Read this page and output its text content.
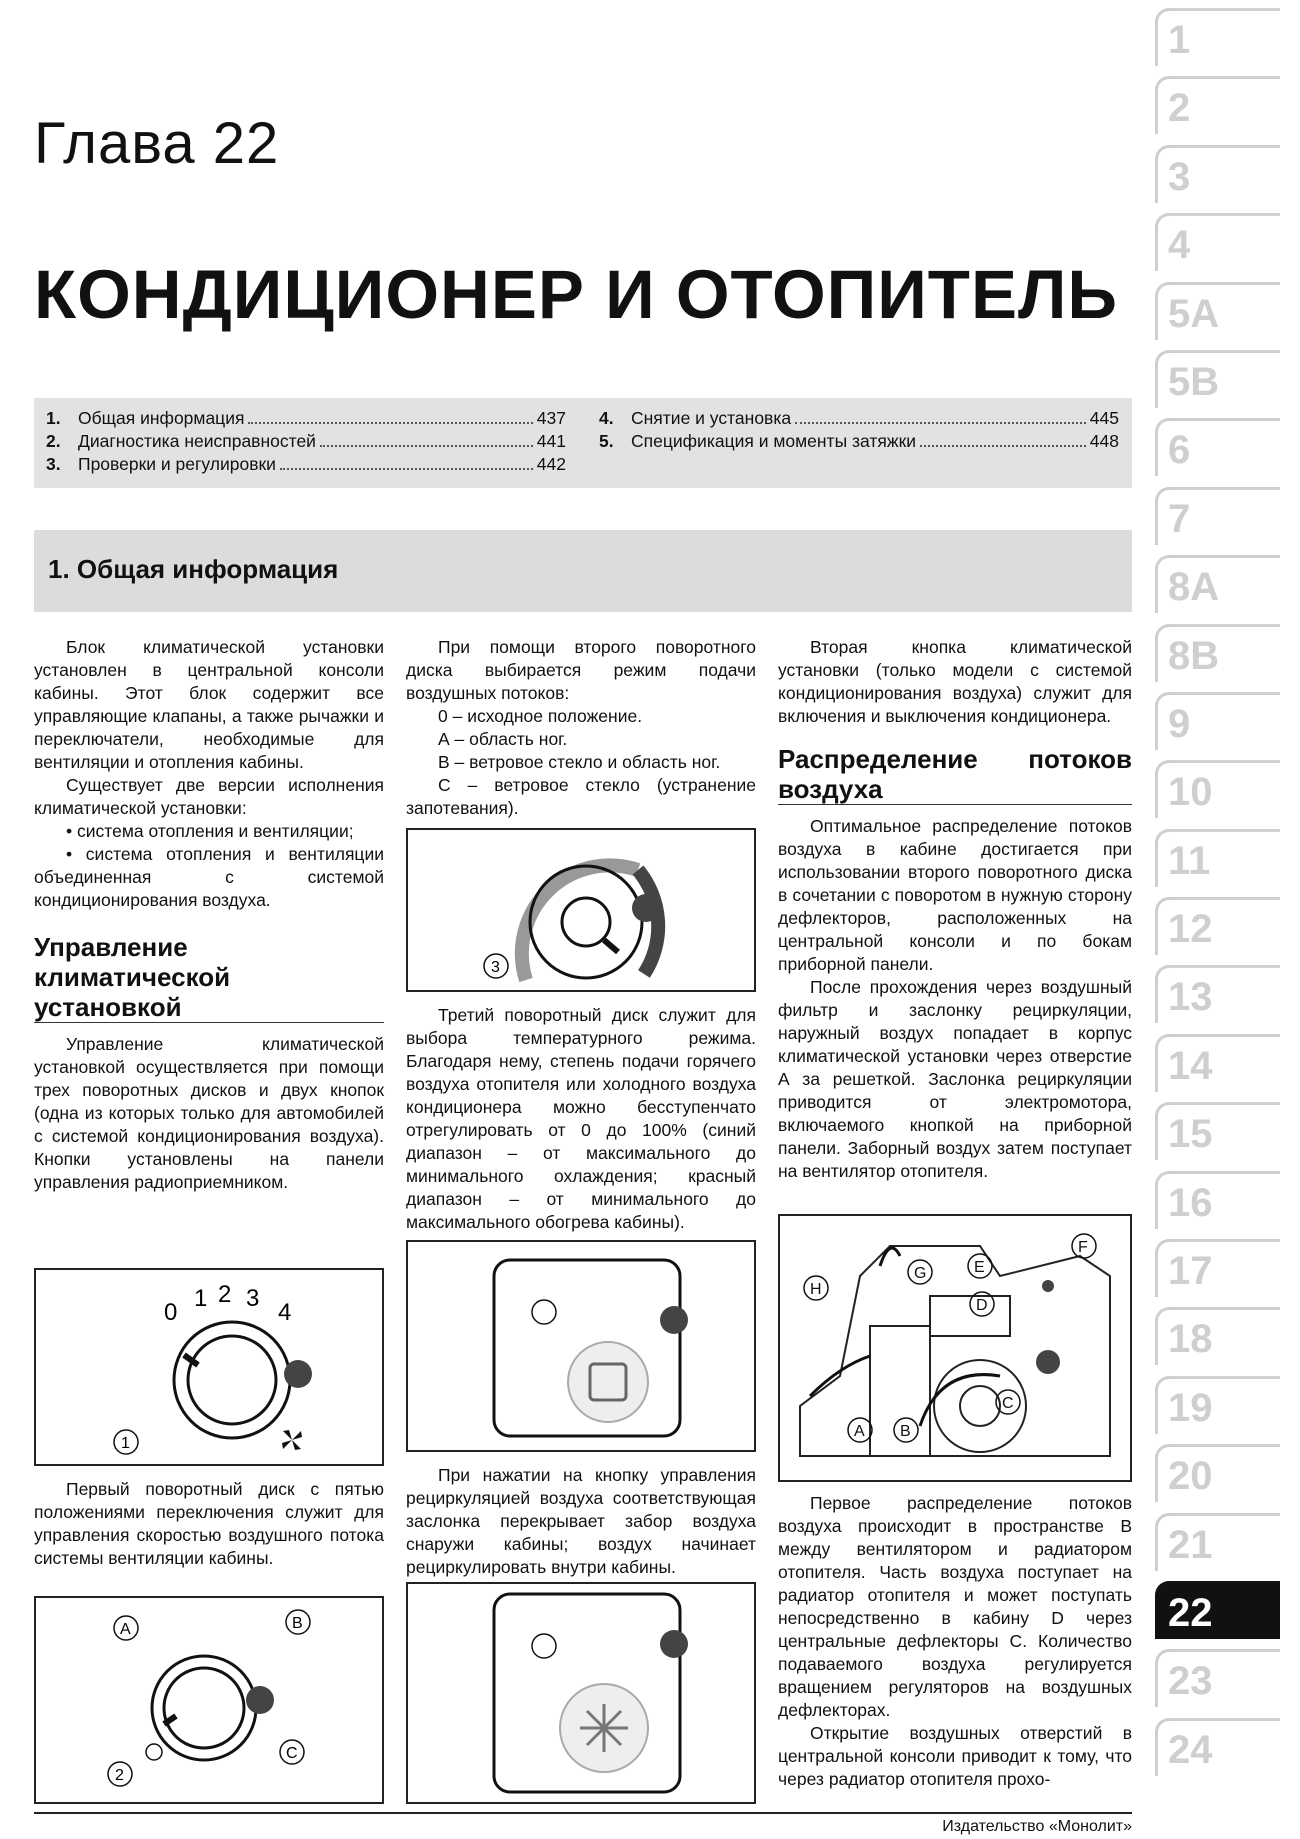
Глава 22
КОНДИЦИОНЕР И ОТОПИТЕЛЬ
1
2
3
4
5A
5B
6
7
8A
8B
9
10
11
12
13
14
15
16
17
18
19
20
21
22
23
24
1. Общая информация	437
2. Диагностика неисправностей	441
3. Проверки и регулировки	442
4. Снятие и установка	445
5. Спецификация и моменты затяжки	448
1. Общая информация

Блок климатической установки установлен в центральной консоли кабины. Этот блок содержит все управляющие клапаны, а также рычажки и переключатели, необходимые для вентиляции и отопления кабины.

Существует две версии исполнения климатической установки:

• система отопления и вентиляции;

• система отопления и вентиляции объединенная с системой кондиционирования воздуха.

Управление климатической установкой

Управление климатической установкой осуществляется при помощи трех поворотных дисков и двух кнопок (одна из которых только для автомобилей с системой кондиционирования воздуха). Кнопки установлены на панели управления радиоприемником.

0
1 2 3
4
1

Первый поворотный диск с пятью положениями переключения служит для управления скоростью воздушного потока системы вентиляции кабины.

A	B
C
2

При помощи второго поворотного диска выбирается режим подачи воздушных потоков:

0 – исходное положение.

А – область ног.

В – ветровое стекло и область ног.

С – ветровое стекло (устранение запотевания).

3

Третий поворотный диск служит для выбора температурного режима. Благодаря нему, степень подачи горячего воздуха отопителя или холодного воздуха кондиционера можно бесступенчато отрегулировать от 0 до 100% (синий диапазон – от максимального до минимального охлаждения; красный диапазон – от минимального до максимального обогрева кабины).

При нажатии на кнопку управления рециркуляцией воздуха соответствующая заслонка перекрывает забор воздуха снаружи кабины; воздух начинает рециркулировать внутри кабины.

Вторая кнопка климатической установки (только модели с системой кондиционирования воздуха) служит для включения и выключения кондиционера.

Распределение потоков воздуха

Оптимальное распределение потоков воздуха в кабине достигается при использовании второго поворотного диска в сочетании с поворотом в нужную сторону дефлекторов, расположенных на центральной консоли и по бокам приборной панели.

После прохождения через воздушный фильтр и заслонку рециркуляции, наружный воздух попадает в корпус климатической установки через отверстие А за решеткой. Заслонка рециркуляции приводится от электромотора, включаемого кнопкой на приборной панели. Заборный воздух затем поступает на вентилятор отопителя.

A B
C
D
E
F
G
H

Первое распределение потоков воздуха происходит в пространстве В между вентилятором и радиатором отопителя. Часть воздуха поступает на радиатор отопителя и может поступать непосредственно в кабину D через центральные дефлекторы С. Количество подаваемого воздуха регулируется вращением регуляторов на воздушных дефлекторах.

Открытие воздушных отверстий в центральной консоли приводит к тому, что через радиатор отопителя прохо-

Издательство «Монолит»
